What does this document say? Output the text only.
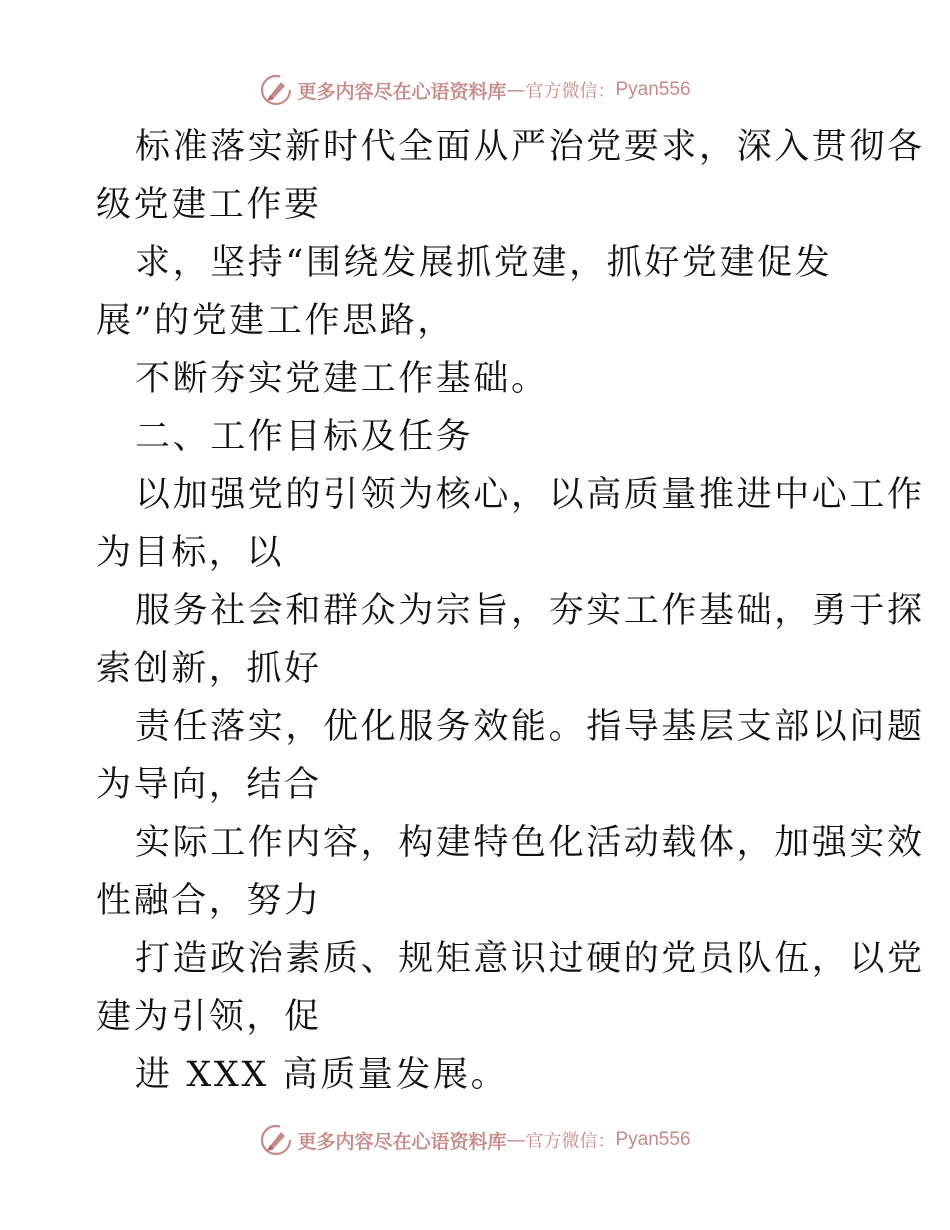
更多内容尽在心语资料库 — 官方微信： Pyan556
标准落实新时代全面从严治党要求，深入贯彻各
级党建工作要
求，坚持“围绕发展抓党建，抓好党建促发
展”的党建工作思路，
不断夯实党建工作基础。
二、工作目标及任务
以加强党的引领为核心，以高质量推进中心工作
为目标，以
服务社会和群众为宗旨，夯实工作基础，勇于探
索创新，抓好
责任落实，优化服务效能。指导基层支部以问题
为导向，结合
实际工作内容，构建特色化活动载体，加强实效
性融合，努力
打造政治素质、规矩意识过硬的党员队伍，以党
建为引领，促
进 XXX 高质量发展。
更多内容尽在心语资料库 — 官方微信： Pyan556
